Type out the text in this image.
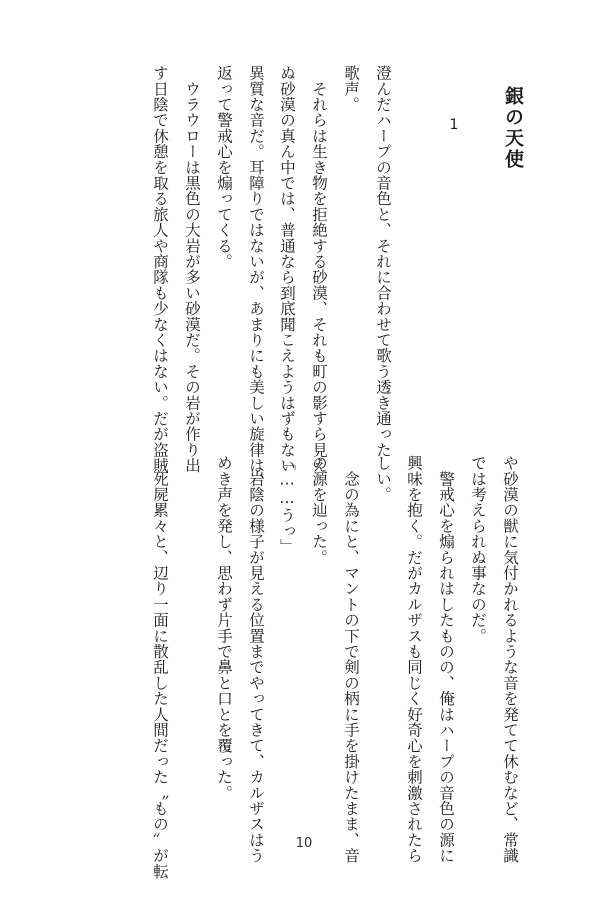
銀の天使
1

澄んだハープの音色と、それに合わせて歌う透き通った

歌声。

　それらは生き物を拒絶する砂漠、それも町の影すら見え

ぬ砂漠の真ん中では、普通なら到底聞こえようはずもない

異質な音だ。耳障りではないが、あまりにも美しい旋律は、

返って警戒心を煽ってくる。

　ウラウローは黒色の大岩が多い砂漠だ。その岩が作り出

す日陰で休憩を取る旅人や商隊も少なくはない。だが盗賊

や砂漠の獣に気付かれるような音を発てて休むなど、常識

では考えられぬ事なのだ。

　警戒心を煽られはしたものの、俺はハープの音色の源に

興味を抱く。だがカルザスも同じく好奇心を刺激されたら

しい。

　念の為にと、マントの下で剣の柄に手を掛けたまま、音

の源を辿った。

「……うっ」

　岩陰の様子が見える位置までやってきて、カルザスはう

めき声を発し、思わず片手で鼻と口とを覆った。

　死屍累々と、辺り一面に散乱した人間だった〝もの〟が転	10
